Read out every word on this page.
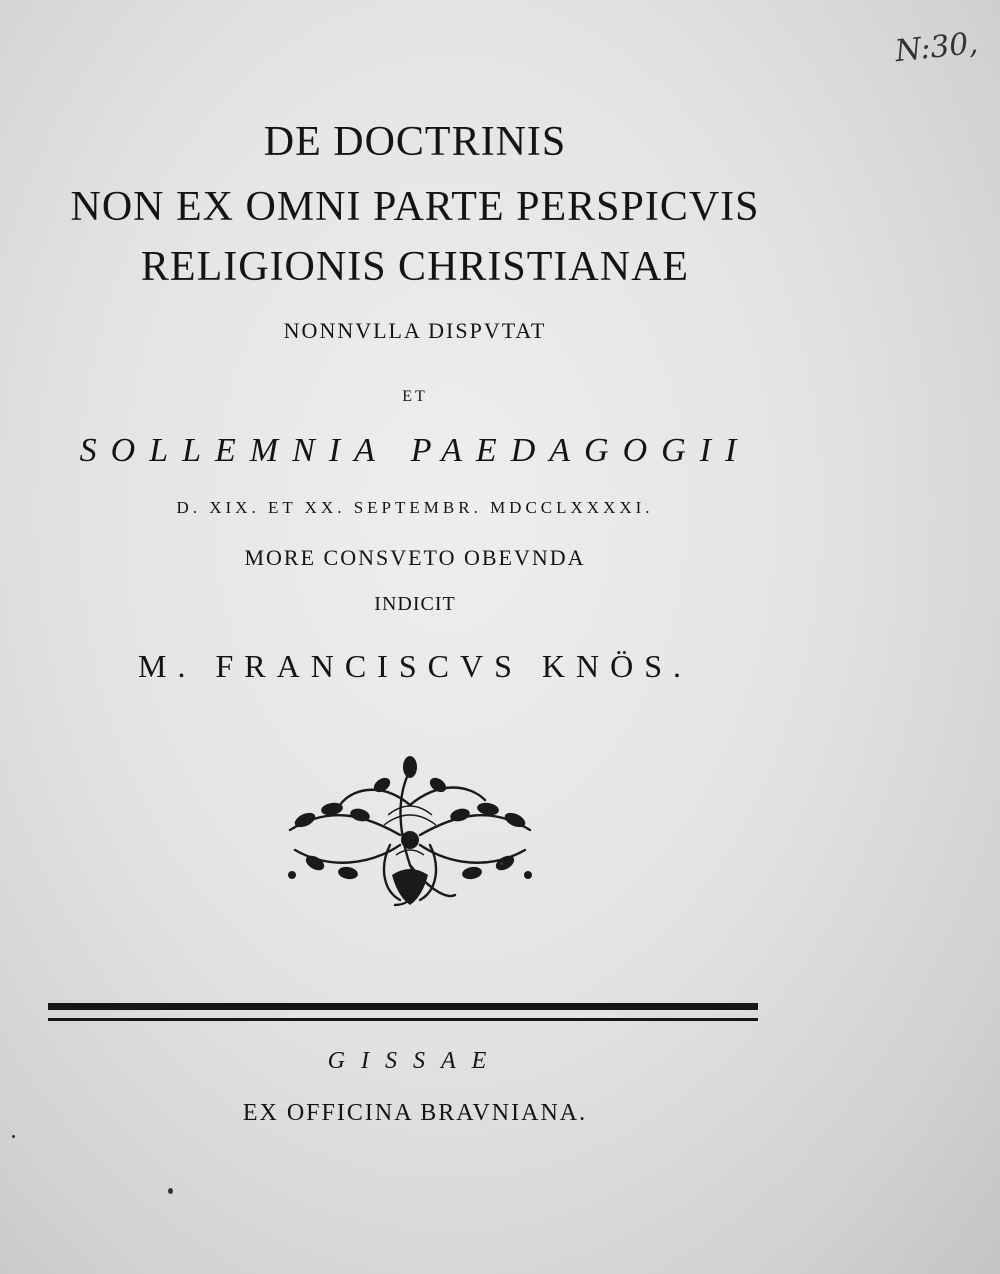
N:30,
DE DOCTRINIS
NON EX OMNI PARTE PERSPICVIS
RELIGIONIS CHRISTIANAE
NONNVLLA DISPVTAT
ET
SOLLEMNIA PAEDAGOGII
D. XIX. ET XX. SEPTEMBR. MDCCLXXXXI.
MORE CONSVETO OBEVNDA
INDICIT
M. FRANCISCVS KNÖS.
GISSAE
EX OFFICINA BRAVNIANA.
